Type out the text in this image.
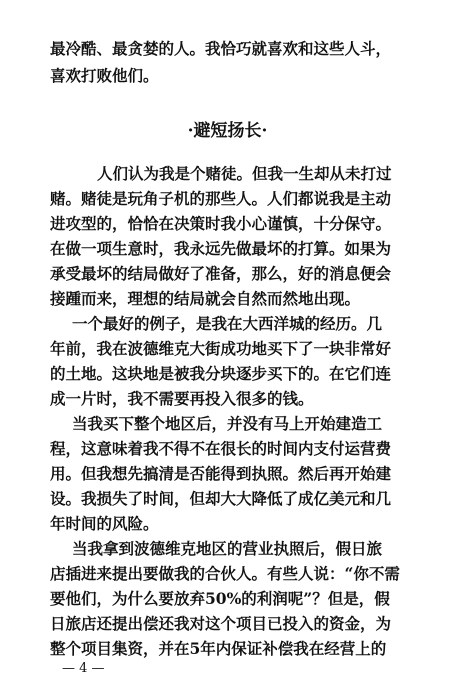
最冷酷、最贪婪的人。我恰巧就喜欢和这些人斗，
喜欢打败他们。
·避短扬长·
人们认为我是个赌徒。但我一生却从未打过
赌。赌徒是玩角子机的那些人。人们都说我是主动
进攻型的，恰恰在决策时我小心谨慎，十分保守。
在做一项生意时，我永远先做最坏的打算。如果为
承受最坏的结局做好了准备，那么，好的消息便会
接踵而来，理想的结局就会自然而然地出现。
一个最好的例子，是我在大西洋城的经历。几
年前，我在波德维克大街成功地买下了一块非常好
的土地。这块地是被我分块逐步买下的。在它们连
成一片时，我不需要再投入很多的钱。
当我买下整个地区后，并没有马上开始建造工
程，这意味着我不得不在很长的时间内支付运营费
用。但我想先搞清是否能得到执照。然后再开始建
设。我损失了时间，但却大大降低了成亿美元和几
年时间的风险。
当我拿到波德维克地区的营业执照后，假日旅
店插进来提出要做我的合伙人。有些人说：“你不需
要他们，为什么要放弃50%的利润呢”？但是，假
日旅店还提出偿还我对这个项目已投入的资金，为
整个项目集资，并在5年内保证补偿我在经营上的
— 4 —
